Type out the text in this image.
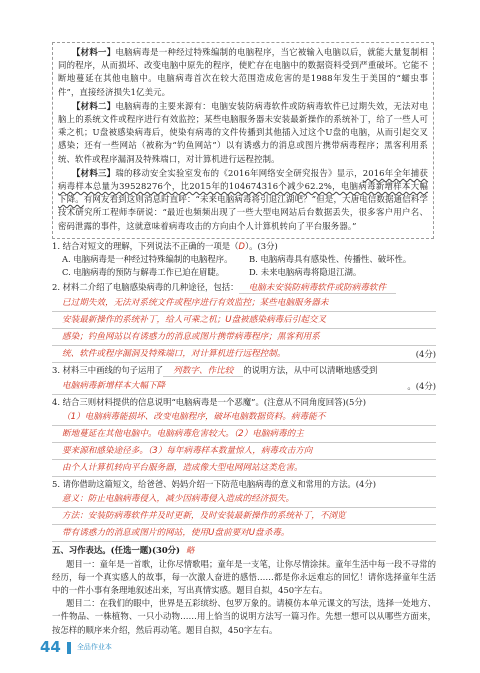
【材料一】电脑病毒是一种经过特殊编制的电脑程序，当它被输入电脑以后，就能大量复制相同的程序，从而损坏、改变电脑中原先的程序，使贮存在电脑中的数据资料受到严重破坏。它能不断地蔓延在其他电脑中。电脑病毒首次在较大范围造成危害的是1988年发生于美国的“蠕虫事件”，直接经济损失1亿美元。

【材料二】电脑病毒的主要来源有：电脑安装防病毒软件或防病毒软件已过期失效，无法对电脑上的系统文件或程序进行有效监控；某些电脑服务器未安装最新操作的系统补丁，给了一些人可乘之机；U盘被感染病毒后，使染有病毒的文件传播到其他插入过这个U盘的电脑，从而引起交叉感染；还有一些网站（被称为“钓鱼网站”）以有诱惑力的消息或图片携带病毒程序；黑客利用系统、软件或程序漏洞及特殊端口，对计算机进行远程控制。

【材料三】瑞的移动安全实验室发布的《2016年网络安全研究报告》显示，2016年全年捕获病毒样本总量为39528276个，比2015年的104674316个减少62.2%，电脑病毒新增样本大幅下降。有网友看到这则消息时直呼：“未来电脑病毒将引退江湖吧？”但是，大唐电信数据通信科学技术研究所工程师李研说：“最近也频频出现了一些大型电网站后台数据丢失，很多客户用户名、密码泄露的事件，这就意味着病毒攻击的方向由个人计算机转向了平台服务器。”

1. 结合对短文的理解，下列说法不正确的一项是（D）。(3分)
A. 电脑病毒是一种经过特殊编制的电脑程序。	B. 电脑病毒具有感染性、传播性、破坏性。
C. 电脑病毒的预防与解毒工作已迫在眉睫。	D. 未来电脑病毒将隐退江湖。
2. 材料二介绍了电脑感染病毒的几种途径，包括： 电脑未安装防病毒软件或防病毒软件
已过期失效，无法对系统文件或程序进行有效监控；某些电脑服务器未
安装最新操作的系统补丁，给人可乘之机；U盘被感染病毒后引起交叉
感染；钓鱼网站以有诱惑力的消息或图片携带病毒程序；黑客利用系
统、软件或程序漏洞及特殊端口，对计算机进行远程控制。	(4分)
3. 材料三中画线的句子运用了 列数字、作比较 的说明方法，从中可以清晰地感受到
电脑病毒新增样本大幅下降	。(4分)
4. 结合三则材料提供的信息说明“电脑病毒是一个恶魔”。(注意从不同角度回答)(5分)
（1）电脑病毒能损坏、改变电脑程序，破坏电脑数据资料。病毒能不
断地蔓延在其他电脑中。电脑病毒危害较大。（2）电脑病毒的主
要来源和感染途径多。（3）每年病毒样本数量惊人，病毒攻击方向
由个人计算机转向平台服务器，造成像大型电网网站这类危害。
5. 请你借助这篇短文，给爸爸、妈妈介绍一下防范电脑病毒的意义和常用的方法。(4分)
意义：防止电脑病毒侵入，减少因病毒侵入造成的经济损失。
方法：安装防病毒软件并及时更新，及时安装最新操作的系统补丁，不浏览
带有诱惑力的消息或图片的网站，使用U盘前要对U盘杀毒。
五、习作表达。(任选一题)(30分) 略

题目一：童年是一首歌，让你尽情歌唱；童年是一支笔，让你尽情涂抹。童年生活中每一段不寻常的经历，每一个真实感人的故事，每一次激人奋进的感悟……都是你永远难忘的回忆！请你选择童年生活中的一件小事有条理地叙述出来，写出真情实感。题目自拟，450字左右。

题目二：在我们的眼中，世界是五彩缤纷、包罗万象的。请模仿本单元课文的写法，选择一处地方、一件物品、一株植物、一只小动物……用上恰当的说明方法写一篇习作。先想一想可以从哪些方面来，按怎样的顺序来介绍，然后再动笔。题目自拟，450字左右。

44 全品作业本
